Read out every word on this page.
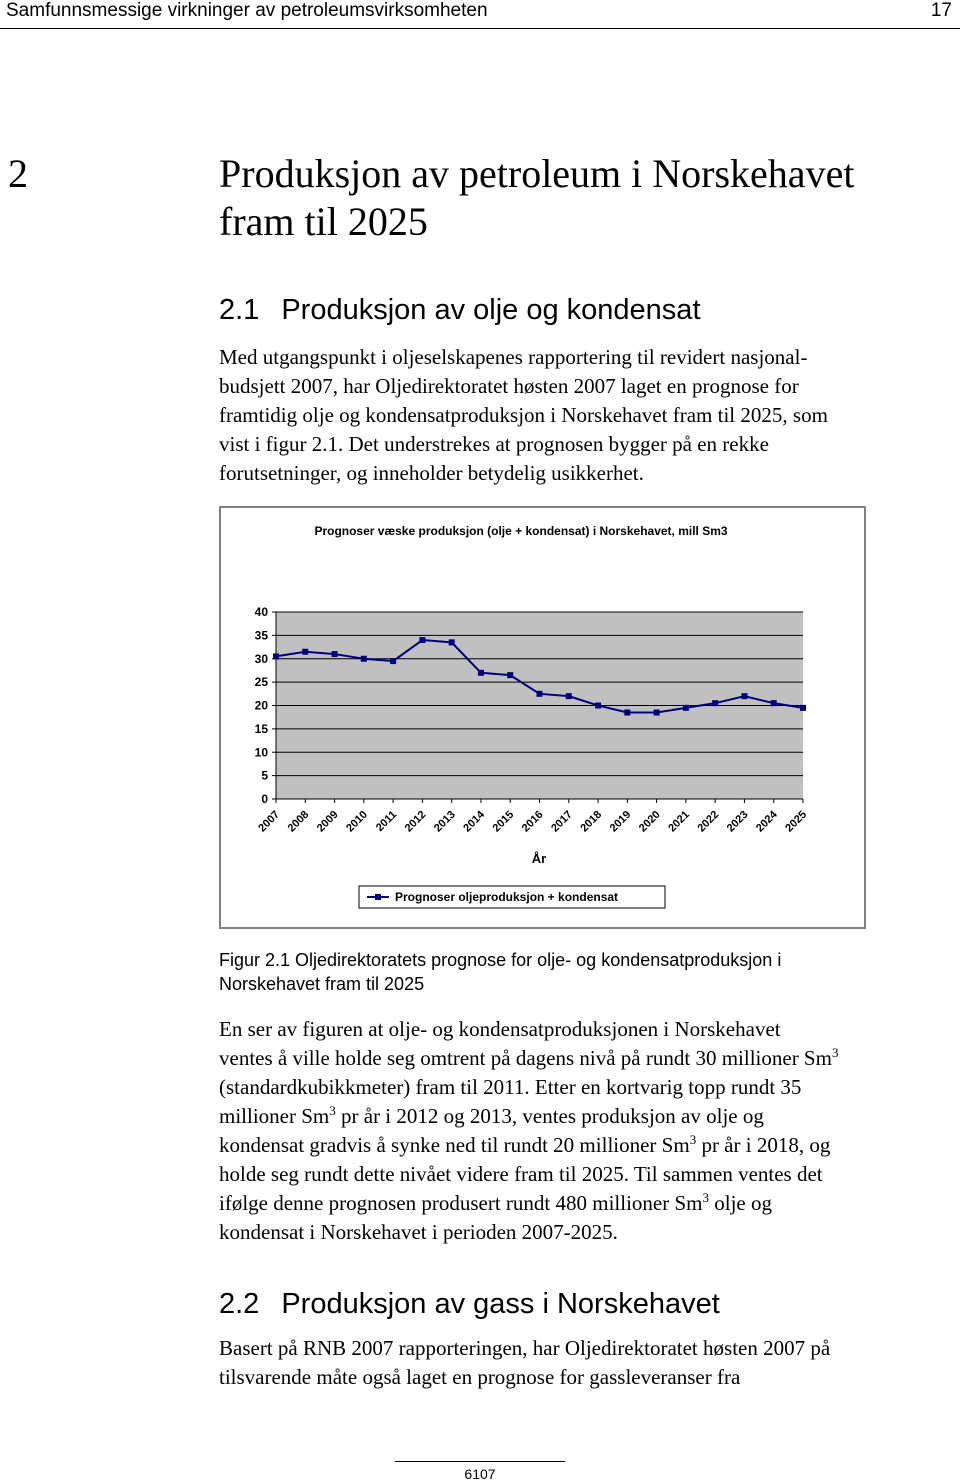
Samfunnsmessige virkninger av petroleumsvirksomheten	17
2	Produksjon av petroleum i Norskehavet
fram til 2025
2.1 Produksjon av olje og kondensat
Med utgangspunkt i oljeselskapenes rapportering til revidert nasjonal-
budsjett 2007, har Oljedirektoratet høsten 2007 laget en prognose for
framtidig olje og kondensatproduksjon i Norskehavet fram til 2025, som
vist i figur 2.1. Det understrekes at prognosen bygger på en rekke
forutsetninger, og inneholder betydelig usikkerhet.
Prognoser væske produksjon (olje + kondensat) i Norskehavet, mill Sm3
0
5
10
15
20
25
30
35
40
2007 2008 2009 2010 2011 2012 2013 2014 2015 2016 2017 2018 2019 2020 2021 2022 2023 2024 2025
År
Prognoser oljeproduksjon + kondensat
Figur 2.1 Oljedirektoratets prognose for olje- og kondensatproduksjon i
Norskehavet fram til 2025
En ser av figuren at olje- og kondensatproduksjonen i Norskehavet
ventes å ville holde seg omtrent på dagens nivå på rundt 30 millioner Sm$^3$
(standardkubikkmeter) fram til 2011. Etter en kortvarig topp rundt 35
millioner Sm$^3$ pr år i 2012 og 2013, ventes produksjon av olje og
kondensat gradvis å synke ned til rundt 20 millioner Sm$^3$ pr år i 2018, og
holde seg rundt dette nivået videre fram til 2025. Til sammen ventes det
ifølge denne prognosen produsert rundt 480 millioner Sm$^3$ olje og
kondensat i Norskehavet i perioden 2007-2025.
2.2 Produksjon av gass i Norskehavet
Basert på RNB 2007 rapporteringen, har Oljedirektoratet høsten 2007 på
tilsvarende måte også laget en prognose for gassleveranser fra
6107
